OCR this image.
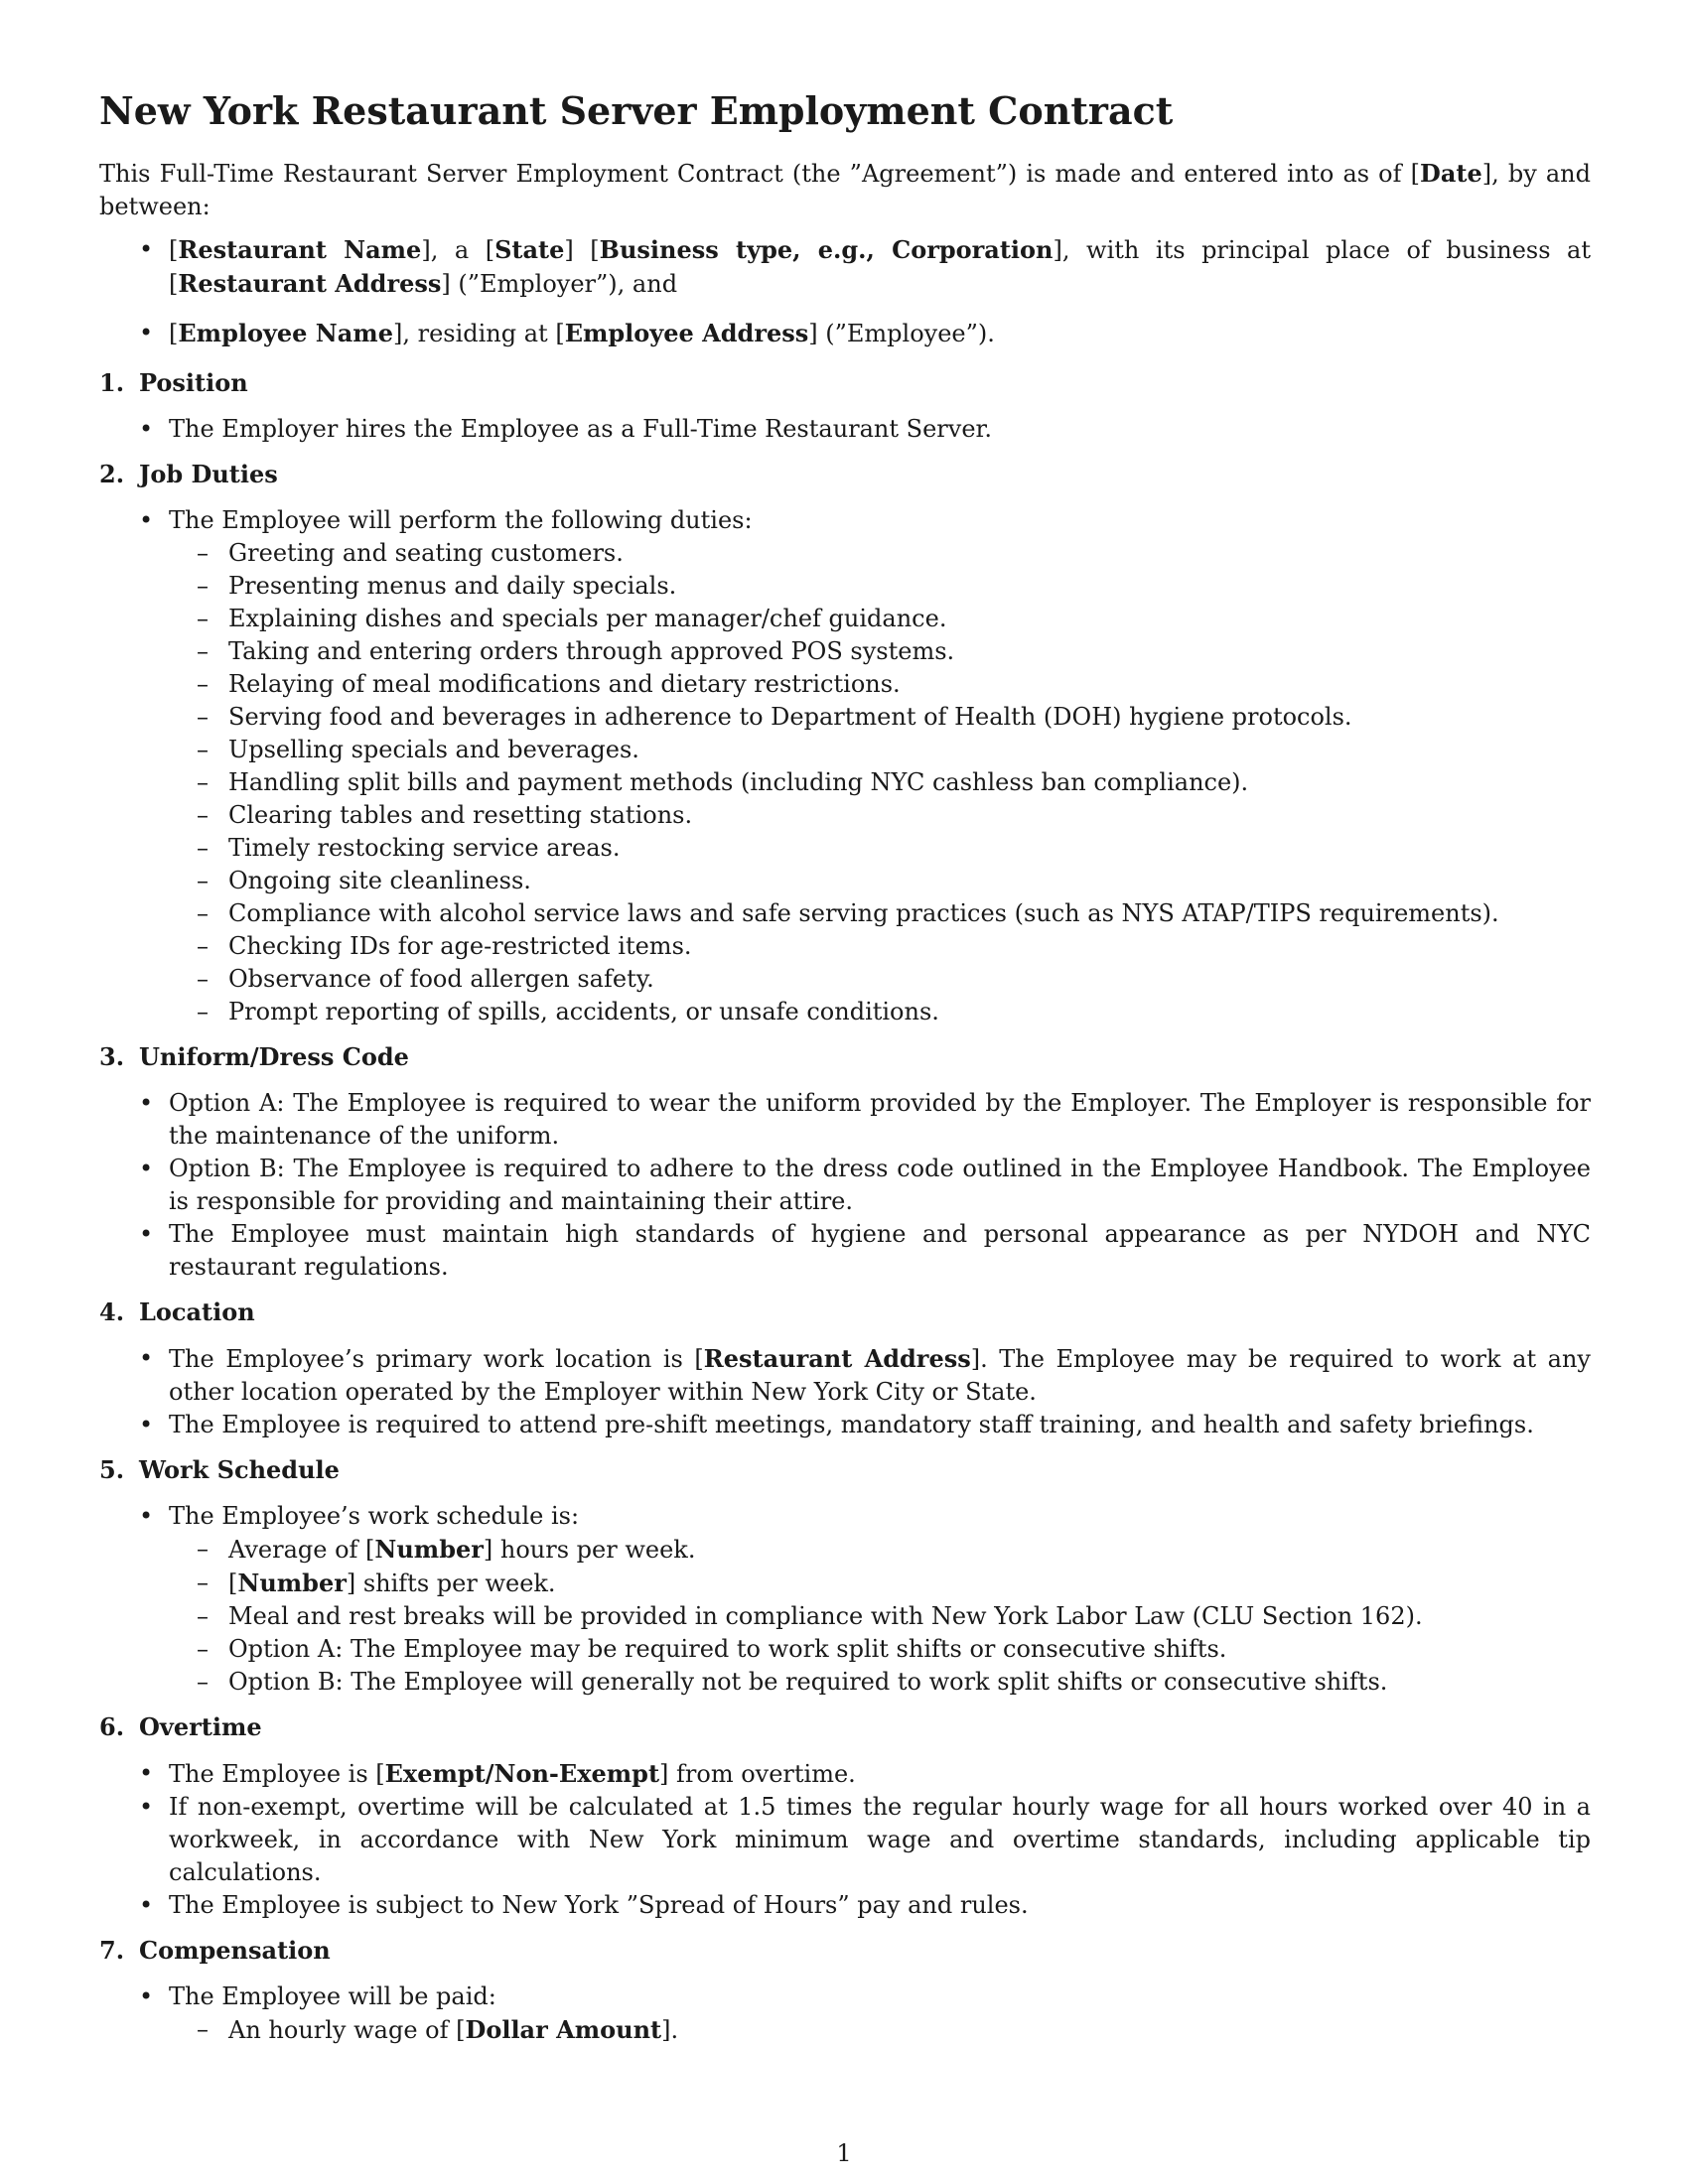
New York Restaurant Server Employment Contract

This Full-Time Restaurant Server Employment Contract (the ”Agreement”) is made and entered into as of [Date], by and between:

• [Restaurant Name], a [State] [Business type, e.g., Corporation], with its principal place of business at [Restaurant Address] (”Employer”), and
• [Employee Name], residing at [Employee Address] (”Employee”).
1. Position
• The Employer hires the Employee as a Full-Time Restaurant Server.
2. Job Duties
• The Employee will perform the following duties:
– Greeting and seating customers.
– Presenting menus and daily specials.
– Explaining dishes and specials per manager/chef guidance.
– Taking and entering orders through approved POS systems.
– Relaying of meal modifications and dietary restrictions.
– Serving food and beverages in adherence to Department of Health (DOH) hygiene protocols.
– Upselling specials and beverages.
– Handling split bills and payment methods (including NYC cashless ban compliance).
– Clearing tables and resetting stations.
– Timely restocking service areas.
– Ongoing site cleanliness.
– Compliance with alcohol service laws and safe serving practices (such as NYS ATAP/TIPS requirements).
– Checking IDs for age-restricted items.
– Observance of food allergen safety.
– Prompt reporting of spills, accidents, or unsafe conditions.
3. Uniform/Dress Code
• Option A: The Employee is required to wear the uniform provided by the Employer. The Employer is responsible for the maintenance of the uniform.
• Option B: The Employee is required to adhere to the dress code outlined in the Employee Handbook. The Employee is responsible for providing and maintaining their attire.
• The Employee must maintain high standards of hygiene and personal appearance as per NYDOH and NYC restaurant regulations.
4. Location
• The Employee’s primary work location is [Restaurant Address]. The Employee may be required to work at any other location operated by the Employer within New York City or State.
• The Employee is required to attend pre-shift meetings, mandatory staff training, and health and safety briefings.
5. Work Schedule
• The Employee’s work schedule is:
– Average of [Number] hours per week.
– [Number] shifts per week.
– Meal and rest breaks will be provided in compliance with New York Labor Law (CLU Section 162).
– Option A: The Employee may be required to work split shifts or consecutive shifts.
– Option B: The Employee will generally not be required to work split shifts or consecutive shifts.
6. Overtime
• The Employee is [Exempt/Non-Exempt] from overtime.
• If non-exempt, overtime will be calculated at 1.5 times the regular hourly wage for all hours worked over 40 in a workweek, in accordance with New York minimum wage and overtime standards, including applicable tip calculations.
• The Employee is subject to New York ”Spread of Hours” pay and rules.
7. Compensation
• The Employee will be paid:
– An hourly wage of [Dollar Amount].
1
